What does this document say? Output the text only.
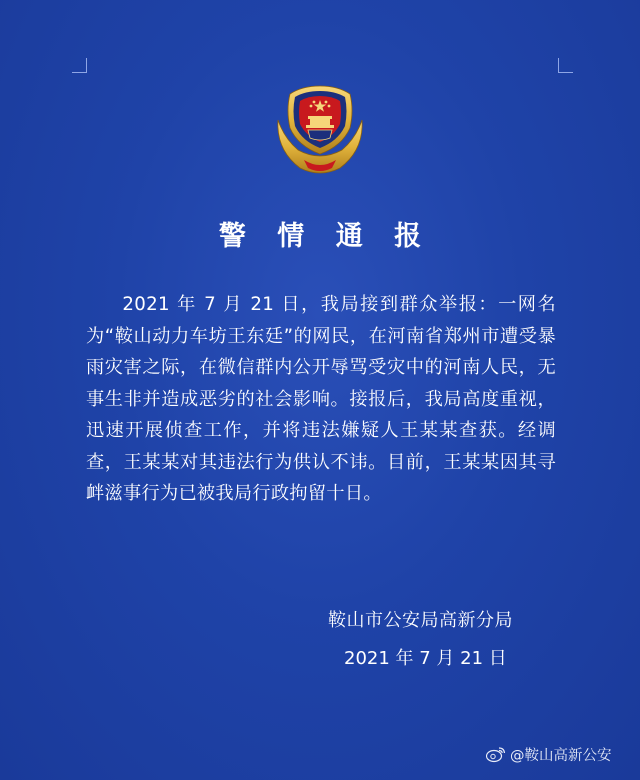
警 情 通 报
2021 年 7 月 21 日，我局接到群众举报：一网名为“鞍山动力车坊王东廷”的网民，在河南省郑州市遭受暴雨灾害之际，在微信群内公开辱骂受灾中的河南人民，无事生非并造成恶劣的社会影响。接报后，我局高度重视，迅速开展侦查工作，并将违法嫌疑人王某某查获。经调查，王某某对其违法行为供认不讳。目前，王某某因其寻衅滋事行为已被我局行政拘留十日。
鞍山市公安局高新分局
2021 年 7 月 21 日
@鞍山高新公安
